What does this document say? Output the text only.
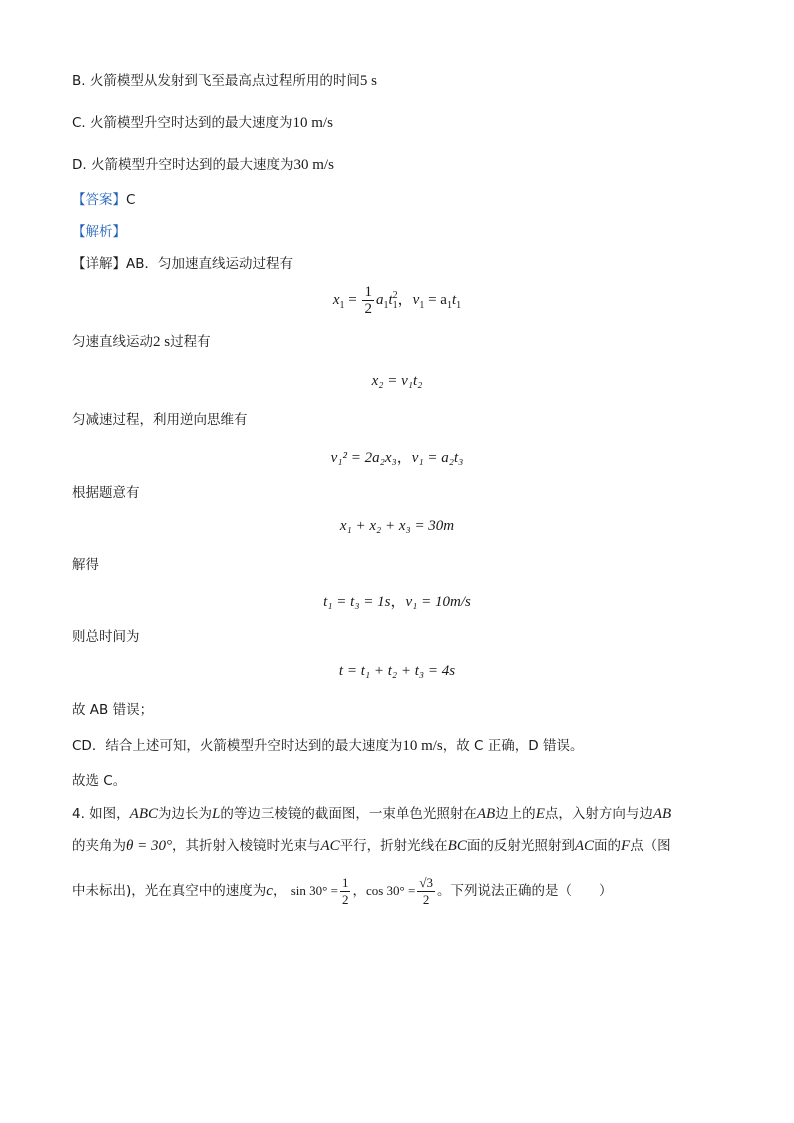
B. 火箭模型从发射到飞至最高点过程所用的时间5 s
C. 火箭模型升空时达到的最大速度为10 m/s
D. 火箭模型升空时达到的最大速度为30 m/s
【答案】C
【解析】
【详解】AB．匀加速直线运动过程有
$x_1 = \frac{1}{2} a_1t_1^2$，$v_1 = a_1t_1$
匀速直线运动2 s过程有
x₂ = v₁t₂
匀减速过程，利用逆向思维有
v₁² = 2a₂x₃，v₁ = a₂t₃
根据题意有
x₁ + x₂ + x₃ = 30m
解得
t₁ = t₃ = 1s，v₁ = 10m/s
则总时间为
t = t₁ + t₂ + t₃ = 4s
故 AB 错误；
CD．结合上述可知，火箭模型升空时达到的最大速度为10 m/s，故 C 正确，D 错误。
故选 C。
4. 如图，ABC为边长为L的等边三棱镜的截面图，一束单色光照射在AB边上的E点，入射方向与边AB
的夹角为θ = 30°，其折射入棱镜时光束与AC平行，折射光线在BC面的反射光照射到AC面的F点（图
中未标出)，光在真空中的速度为c， $\sin 30^\circ = \frac{1}{2}$ ，$\cos 30^\circ = \frac{√3}{2}$ 。下列说法正确的是（　　）
